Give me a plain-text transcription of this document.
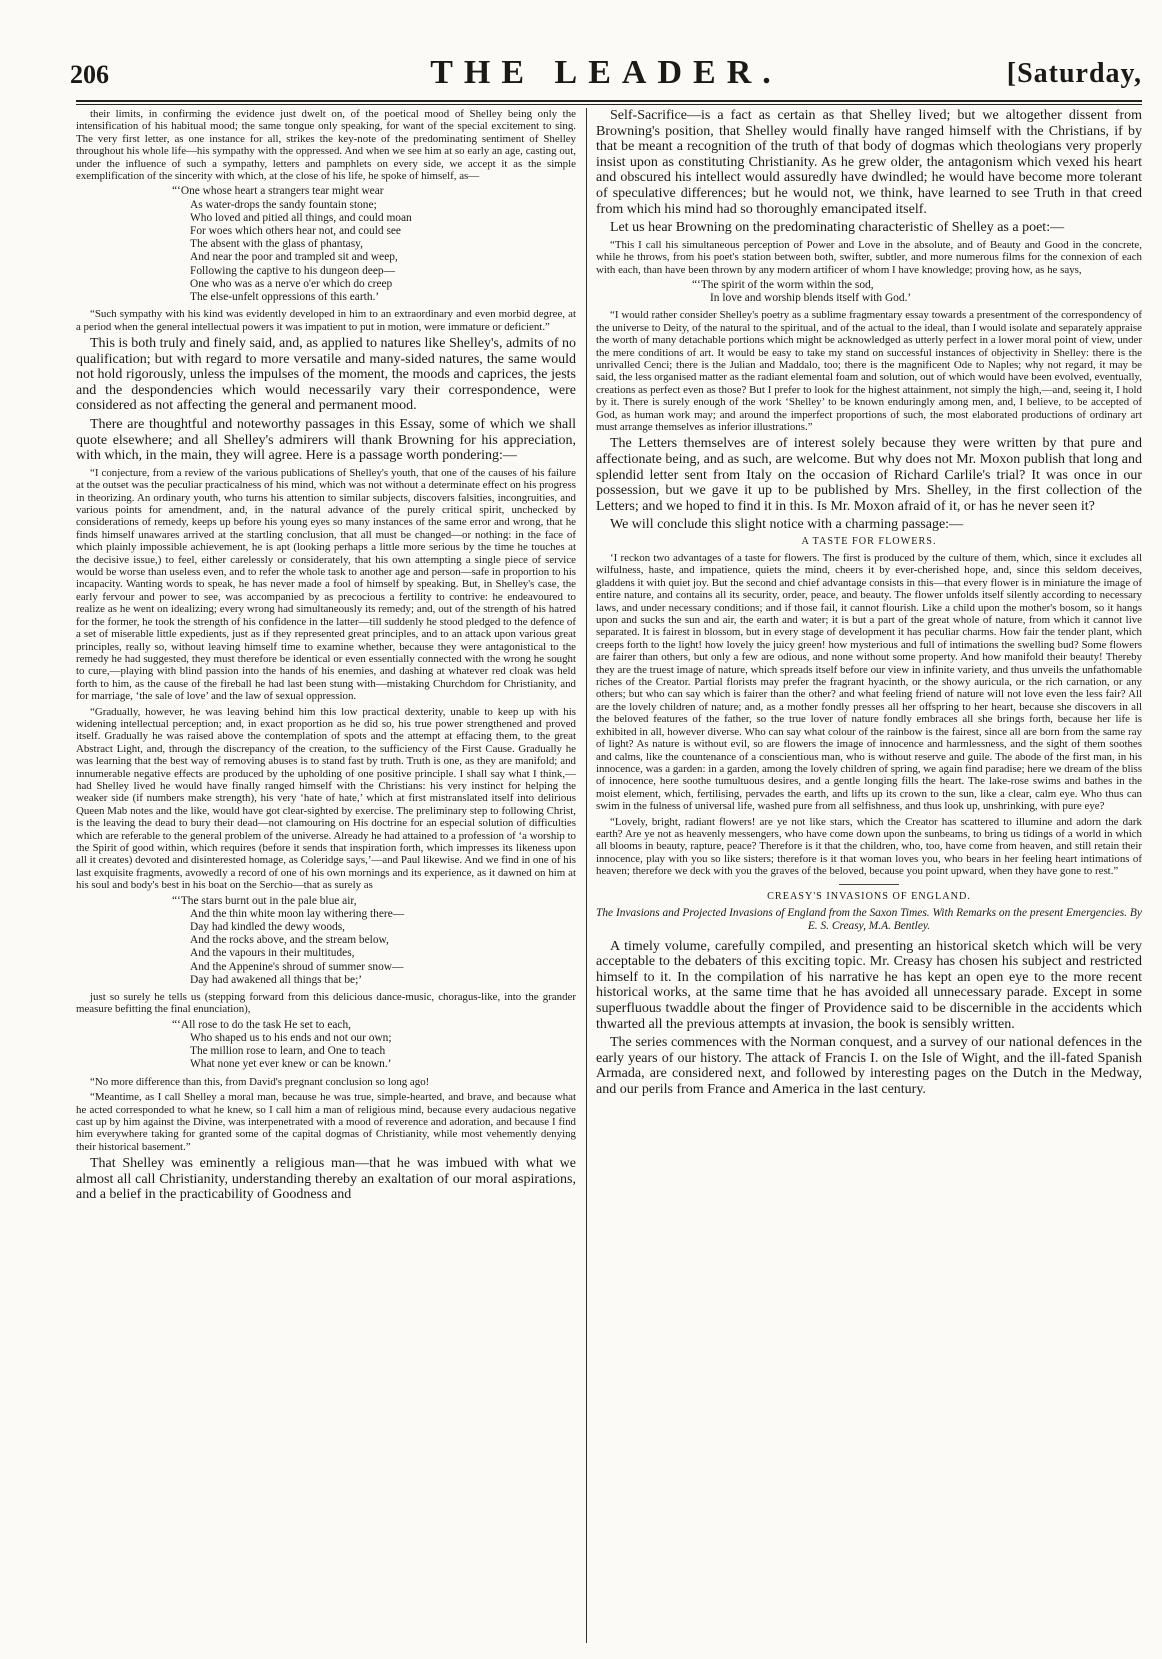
206	THE LEADER.	[Saturday,

their limits, in confirming the evidence just dwelt on, of the poetical mood of Shelley being only the intensification of his habitual mood; the same tongue only speaking, for want of the special excitement to sing. The very first letter, as one instance for all, strikes the key-note of the predominating sentiment of Shelley throughout his whole life—his sympathy with the oppressed. And when we see him at so early an age, casting out, under the influence of such a sympathy, letters and pamphlets on every side, we accept it as the simple exemplification of the sincerity with which, at the close of his life, he spoke of himself, as—

“‘One whose heart a strangers tear might wear
As water-drops the sandy fountain stone;
Who loved and pitied all things, and could moan
For woes which others hear not, and could see
The absent with the glass of phantasy,
And near the poor and trampled sit and weep,
Following the captive to his dungeon deep—
One who was as a nerve o'er which do creep
The else-unfelt oppressions of this earth.’

“Such sympathy with his kind was evidently developed in him to an extraordinary and even morbid degree, at a period when the general intellectual powers it was impatient to put in motion, were immature or deficient.”

This is both truly and finely said, and, as applied to natures like Shelley's, admits of no qualification; but with regard to more versatile and many-sided natures, the same would not hold rigorously, unless the impulses of the moment, the moods and caprices, the jests and the despondencies which would necessarily vary their correspondence, were considered as not affecting the general and permanent mood.

There are thoughtful and noteworthy passages in this Essay, some of which we shall quote elsewhere; and all Shelley's admirers will thank Browning for his appreciation, with which, in the main, they will agree. Here is a passage worth pondering:—

“I conjecture, from a review of the various publications of Shelley's youth, that one of the causes of his failure at the outset was the peculiar practicalness of his mind, which was not without a determinate effect on his progress in theorizing. An ordinary youth, who turns his attention to similar subjects, discovers falsities, incongruities, and various points for amendment, and, in the natural advance of the purely critical spirit, unchecked by considerations of remedy, keeps up before his young eyes so many instances of the same error and wrong, that he finds himself unawares arrived at the startling conclusion, that all must be changed—or nothing: in the face of which plainly impossible achievement, he is apt (looking perhaps a little more serious by the time he touches at the decisive issue,) to feel, either carelessly or considerately, that his own attempting a single piece of service would be worse than useless even, and to refer the whole task to another age and person—safe in proportion to his incapacity. Wanting words to speak, he has never made a fool of himself by speaking. But, in Shelley's case, the early fervour and power to see, was accompanied by as precocious a fertility to contrive: he endeavoured to realize as he went on idealizing; every wrong had simultaneously its remedy; and, out of the strength of his hatred for the former, he took the strength of his confidence in the latter—till suddenly he stood pledged to the defence of a set of miserable little expedients, just as if they represented great principles, and to an attack upon various great principles, really so, without leaving himself time to examine whether, because they were antagonistical to the remedy he had suggested, they must therefore be identical or even essentially connected with the wrong he sought to cure,—playing with blind passion into the hands of his enemies, and dashing at whatever red cloak was held forth to him, as the cause of the fireball he had last been stung with—mistaking Churchdom for Christianity, and for marriage, ‘the sale of love’ and the law of sexual oppression.

“Gradually, however, he was leaving behind him this low practical dexterity, unable to keep up with his widening intellectual perception; and, in exact proportion as he did so, his true power strengthened and proved itself. Gradually he was raised above the contemplation of spots and the attempt at effacing them, to the great Abstract Light, and, through the discrepancy of the creation, to the sufficiency of the First Cause. Gradually he was learning that the best way of removing abuses is to stand fast by truth. Truth is one, as they are manifold; and innumerable negative effects are produced by the upholding of one positive principle. I shall say what I think,—had Shelley lived he would have finally ranged himself with the Christians: his very instinct for helping the weaker side (if numbers make strength), his very ‘hate of hate,’ which at first mistranslated itself into delirious Queen Mab notes and the like, would have got clear-sighted by exercise. The preliminary step to following Christ, is the leaving the dead to bury their dead—not clamouring on His doctrine for an especial solution of difficulties which are referable to the general problem of the universe. Already he had attained to a profession of ‘a worship to the Spirit of good within, which requires (before it sends that inspiration forth, which impresses its likeness upon all it creates) devoted and disinterested homage, as Coleridge says,’—and Paul likewise. And we find in one of his last exquisite fragments, avowedly a record of one of his own mornings and its experience, as it dawned on him at his soul and body's best in his boat on the Serchio—that as surely as

“‘The stars burnt out in the pale blue air,
And the thin white moon lay withering there—
Day had kindled the dewy woods,
And the rocks above, and the stream below,
And the vapours in their multitudes,
And the Appenine's shroud of summer snow—
Day had awakened all things that be;’

just so surely he tells us (stepping forward from this delicious dance-music, choragus-like, into the grander measure befitting the final enunciation),

“‘All rose to do the task He set to each,
Who shaped us to his ends and not our own;
The million rose to learn, and One to teach
What none yet ever knew or can be known.’

“No more difference than this, from David's pregnant conclusion so long ago!

“Meantime, as I call Shelley a moral man, because he was true, simple-hearted, and brave, and because what he acted corresponded to what he knew, so I call him a man of religious mind, because every audacious negative cast up by him against the Divine, was interpenetrated with a mood of reverence and adoration, and because I find him everywhere taking for granted some of the capital dogmas of Christianity, while most vehemently denying their historical basement.”

That Shelley was eminently a religious man—that he was imbued with what we almost all call Christianity, understanding thereby an exaltation of our moral aspirations, and a belief in the practicability of Goodness and

Self-Sacrifice—is a fact as certain as that Shelley lived; but we altogether dissent from Browning's position, that Shelley would finally have ranged himself with the Christians, if by that be meant a recognition of the truth of that body of dogmas which theologians very properly insist upon as constituting Christianity. As he grew older, the antagonism which vexed his heart and obscured his intellect would assuredly have dwindled; he would have become more tolerant of speculative differences; but he would not, we think, have learned to see Truth in that creed from which his mind had so thoroughly emancipated itself.

Let us hear Browning on the predominating characteristic of Shelley as a poet:—

“This I call his simultaneous perception of Power and Love in the absolute, and of Beauty and Good in the concrete, while he throws, from his poet's station between both, swifter, subtler, and more numerous films for the connexion of each with each, than have been thrown by any modern artificer of whom I have knowledge; proving how, as he says,

“‘The spirit of the worm within the sod,
In love and worship blends itself with God.’

“I would rather consider Shelley's poetry as a sublime fragmentary essay towards a presentment of the correspondency of the universe to Deity, of the natural to the spiritual, and of the actual to the ideal, than I would isolate and separately appraise the worth of many detachable portions which might be acknowledged as utterly perfect in a lower moral point of view, under the mere conditions of art. It would be easy to take my stand on successful instances of objectivity in Shelley: there is the unrivalled Cenci; there is the Julian and Maddalo, too; there is the magnificent Ode to Naples; why not regard, it may be said, the less organised matter as the radiant elemental foam and solution, out of which would have been evolved, eventually, creations as perfect even as those? But I prefer to look for the highest attainment, not simply the high,—and, seeing it, I hold by it. There is surely enough of the work ‘Shelley’ to be known enduringly among men, and, I believe, to be accepted of God, as human work may; and around the imperfect proportions of such, the most elaborated productions of ordinary art must arrange themselves as inferior illustrations.”

The Letters themselves are of interest solely because they were written by that pure and affectionate being, and as such, are welcome. But why does not Mr. Moxon publish that long and splendid letter sent from Italy on the occasion of Richard Carlile's trial? It was once in our possession, but we gave it up to be published by Mrs. Shelley, in the first collection of the Letters; and we hoped to find it in this. Is Mr. Moxon afraid of it, or has he never seen it?

We will conclude this slight notice with a charming passage:—

A TASTE FOR FLOWERS.

‘I reckon two advantages of a taste for flowers. The first is produced by the culture of them, which, since it excludes all wilfulness, haste, and impatience, quiets the mind, cheers it by ever-cherished hope, and, since this seldom deceives, gladdens it with quiet joy. But the second and chief advantage consists in this—that every flower is in miniature the image of entire nature, and contains all its security, order, peace, and beauty. The flower unfolds itself silently according to necessary laws, and under necessary conditions; and if those fail, it cannot flourish. Like a child upon the mother's bosom, so it hangs upon and sucks the sun and air, the earth and water; it is but a part of the great whole of nature, from which it cannot live separated. It is fairest in blossom, but in every stage of development it has peculiar charms. How fair the tender plant, which creeps forth to the light! how lovely the juicy green! how mysterious and full of intimations the swelling bud? Some flowers are fairer than others, but only a few are odious, and none without some property. And how manifold their beauty! Thereby they are the truest image of nature, which spreads itself before our view in infinite variety, and thus unveils the unfathomable riches of the Creator. Partial florists may prefer the fragrant hyacinth, or the showy auricula, or the rich carnation, or any others; but who can say which is fairer than the other? and what feeling friend of nature will not love even the less fair? All are the lovely children of nature; and, as a mother fondly presses all her offspring to her heart, because she discovers in all the beloved features of the father, so the true lover of nature fondly embraces all she brings forth, because her life is exhibited in all, however diverse. Who can say what colour of the rainbow is the fairest, since all are born from the same ray of light? As nature is without evil, so are flowers the image of innocence and harmlessness, and the sight of them soothes and calms, like the countenance of a conscientious man, who is without reserve and guile. The abode of the first man, in his innocence, was a garden: in a garden, among the lovely children of spring, we again find paradise; here we dream of the bliss of innocence, here soothe tumultuous desires, and a gentle longing fills the heart. The lake-rose swims and bathes in the moist element, which, fertilising, pervades the earth, and lifts up its crown to the sun, like a clear, calm eye. Who thus can swim in the fulness of universal life, washed pure from all selfishness, and thus look up, unshrinking, with pure eye?

“Lovely, bright, radiant flowers! are ye not like stars, which the Creator has scattered to illumine and adorn the dark earth? Are ye not as heavenly messengers, who have come down upon the sunbeams, to bring us tidings of a world in which all blooms in beauty, rapture, peace? Therefore is it that the children, who, too, have come from heaven, and still retain their innocence, play with you so like sisters; therefore is it that woman loves you, who bears in her feeling heart intimations of heaven; therefore we deck with you the graves of the beloved, because you point upward, when they have gone to rest.”

CREASY'S INVASIONS OF ENGLAND.
The Invasions and Projected Invasions of England from the Saxon Times. With Remarks on the present Emergencies. By E. S. Creasy, M.A. Bentley.

A timely volume, carefully compiled, and presenting an historical sketch which will be very acceptable to the debaters of this exciting topic. Mr. Creasy has chosen his subject and restricted himself to it. In the compilation of his narrative he has kept an open eye to the more recent historical works, at the same time that he has avoided all unnecessary parade. Except in some superfluous twaddle about the finger of Providence said to be discernible in the accidents which thwarted all the previous attempts at invasion, the book is sensibly written.

The series commences with the Norman conquest, and a survey of our national defences in the early years of our history. The attack of Francis I. on the Isle of Wight, and the ill-fated Spanish Armada, are considered next, and followed by interesting pages on the Dutch in the Medway, and our perils from France and America in the last century.
